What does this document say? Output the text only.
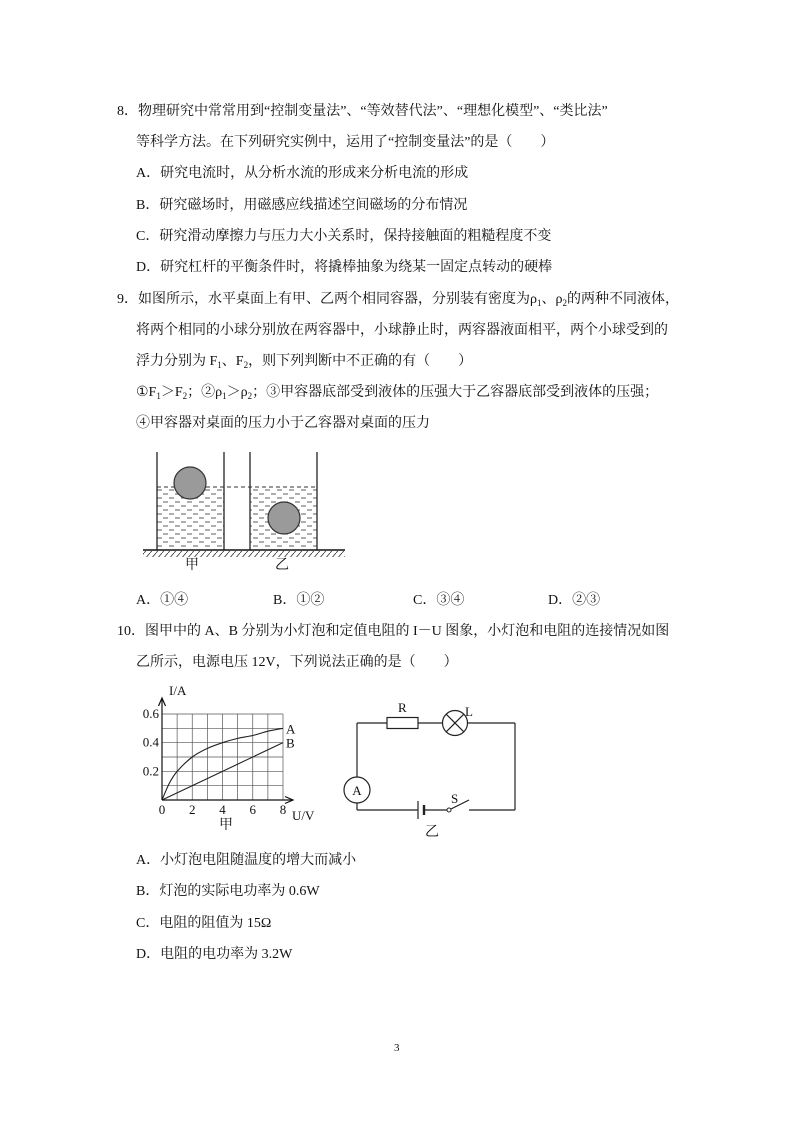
8．物理研究中常常用到“控制变量法”、“等效替代法”、“理想化模型”、“类比法”
等科学方法。在下列研究实例中，运用了“控制变量法”的是（　　）
A．研究电流时，从分析水流的形成来分析电流的形成
B．研究磁场时，用磁感应线描述空间磁场的分布情况
C．研究滑动摩擦力与压力大小关系时，保持接触面的粗糙程度不变
D．研究杠杆的平衡条件时，将撬棒抽象为绕某一固定点转动的硬棒
9．如图所示，水平桌面上有甲、乙两个相同容器，分别装有密度为$\rho_1$、$\rho_2$的两种不同液体，
将两个相同的小球分别放在两容器中，小球静止时，两容器液面相平，两个小球受到的
浮力分别为 $F_1$、$F_2$，则下列判断中不正确的有（　　）
$①F_1>F_2$；$②\rho_1>\rho_2$；③甲容器底部受到液体的压强大于乙容器底部受到液体的压强；
④甲容器对桌面的压力小于乙容器对桌面的压力
甲	乙
A．①④	B．①②	C．③④	D．②③
10．图甲中的 A、B 分别为小灯泡和定值电阻的 I－U 图象，小灯泡和电阻的连接情况如图
乙所示，电源电压 12V，下列说法正确的是（　　）
0 2 4 6 8
0.2
0.4
0.6
A
B
I/A
U/V
甲
R	L
A
S
乙
A．小灯泡电阻随温度的增大而减小
B．灯泡的实际电功率为 0.6W
C．电阻的阻值为 15Ω
D．电阻的电功率为 3.2W
3
